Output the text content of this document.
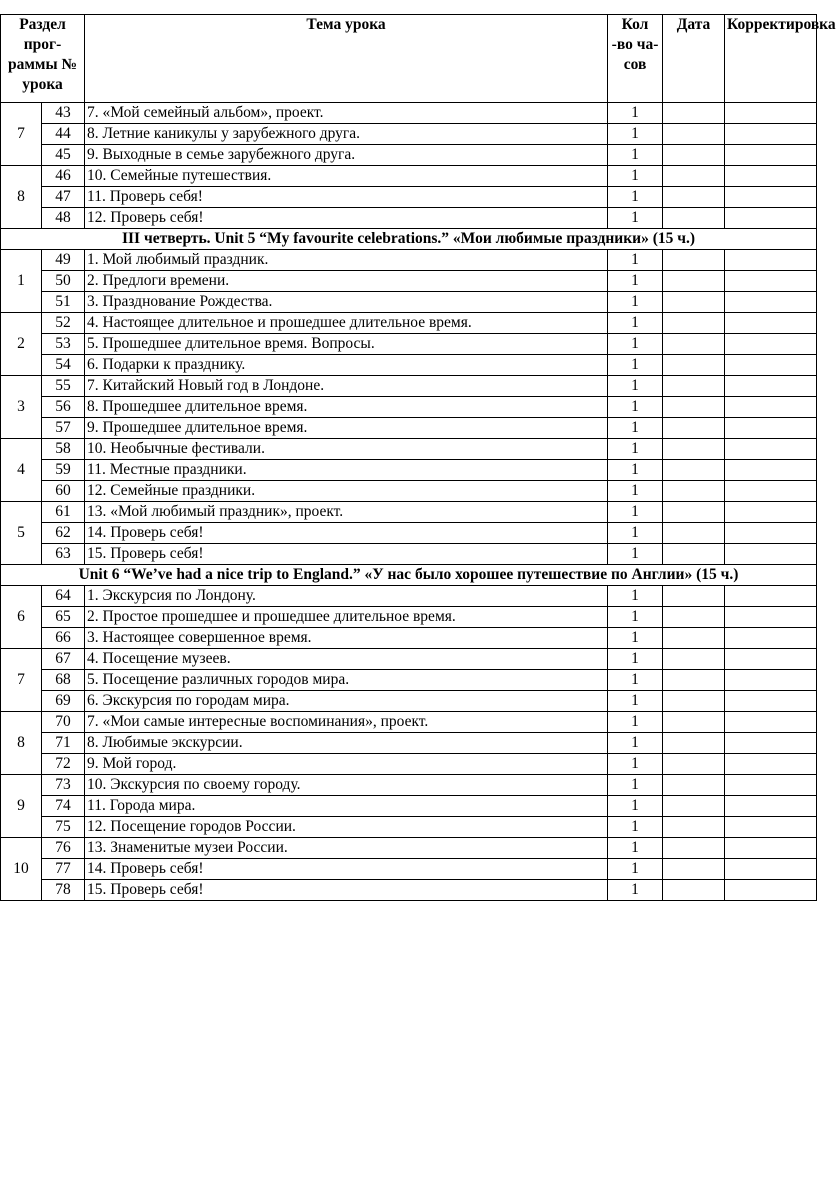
Раздел прог- раммы № урока		Тема урока	Кол -во ча- сов	Дата	Корректировка
7	43	7. «Мой семейный альбом», проект.	1		
	44	8. Летние каникулы у зарубежного друга.	1		
	45	9. Выходные в семье зарубежного друга.	1		
8	46	10. Семейные путешествия.	1		
	47	11. Проверь себя!	1		
	48	12. Проверь себя!	1		
III четверть. Unit 5 “My favourite celebrations.” «Мои любимые праздники» (15 ч.)					
1	49	1. Мой любимый праздник.	1		
	50	2. Предлоги времени.	1		
	51	3. Празднование Рождества.	1		
2	52	4. Настоящее длительное и прошедшее длительное время.	1		
	53	5. Прошедшее длительное время. Вопросы.	1		
	54	6. Подарки к празднику.	1		
3	55	7. Китайский Новый год в Лондоне.	1		
	56	8. Прошедшее длительное время.	1		
	57	9. Прошедшее длительное время.	1		
4	58	10. Необычные фестивали.	1		
	59	11. Местные праздники.	1		
	60	12. Семейные праздники.	1		
5	61	13. «Мой любимый праздник», проект.	1		
	62	14. Проверь себя!	1		
	63	15. Проверь себя!	1		
Unit 6 “We’ve had a nice trip to England.” «У нас было хорошее путешествие по Англии» (15 ч.)					
6	64	1. Экскурсия по Лондону.	1		
	65	2. Простое прошедшее и прошедшее длительное время.	1		
	66	3. Настоящее совершенное время.	1		
7	67	4. Посещение музеев.	1		
	68	5. Посещение различных городов мира.	1		
	69	6. Экскурсия по городам мира.	1		
8	70	7. «Мои самые интересные воспоминания», проект.	1		
	71	8. Любимые экскурсии.	1		
	72	9. Мой город.	1		
9	73	10. Экскурсия по своему городу.	1		
	74	11. Города мира.	1		
	75	12. Посещение городов России.	1		
10	76	13. Знаменитые музеи России.	1		
	77	14. Проверь себя!	1		
	78	15. Проверь себя!	1		
